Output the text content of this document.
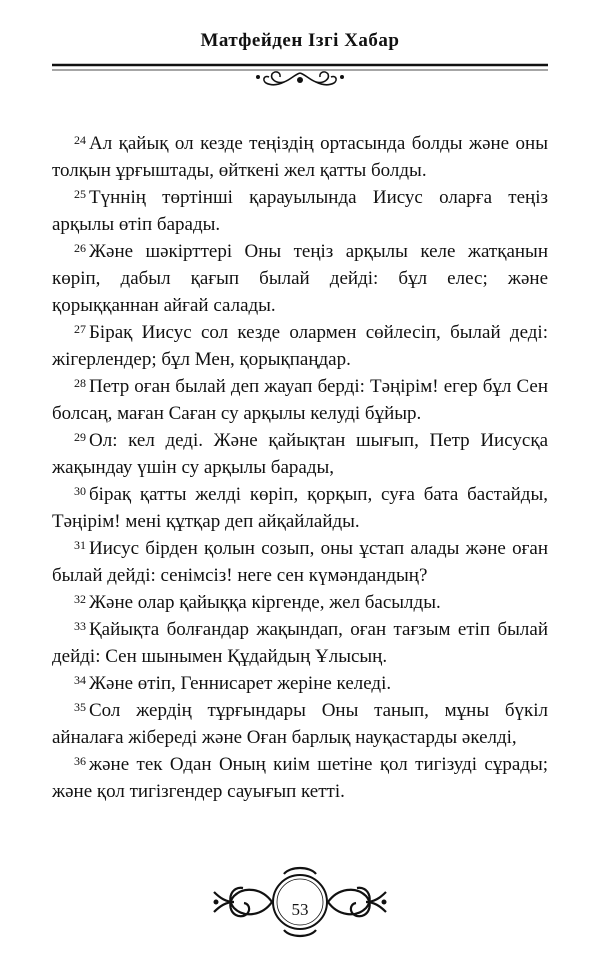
Матфейден Ізгі Хабар

$^{24}$ Ал қайық ол кезде теңіздің ортасында болды және оны толқын ұрғыштады, өйткені жел қатты болды.

$^{25}$ Түннің төртінші қарауылында Иисус оларға теңіз арқылы өтіп барады.

$^{26}$ Және шәкірттері Оны теңіз арқылы келе жатқанын көріп, дабыл қағып былай дейді: бұл елес; және қорыққаннан айғай салады.

$^{27}$ Бірақ Иисус сол кезде олармен сөйлесіп, былай деді: жігерлендер; бұл Мен, қорықпаңдар.

$^{28}$ Петр оған былай деп жауап берді: Тәңірім! егер бұл Сен болсаң, маған Саған су арқылы келуді бұйыр.

$^{29}$ Ол: кел деді. Және қайықтан шығып, Петр Иисусқа жақындау үшін су арқылы барады,

$^{30}$ бірақ қатты желді көріп, қорқып, суға бата бастайды, Тәңірім! мені құтқар деп айқайлайды.

$^{31}$ Иисус бірден қолын созып, оны ұстап алады және оған былай дейді: сенімсіз! неге сен күмәндандың?

$^{32}$ Және олар қайыққа кіргенде, жел басылды.

$^{33}$ Қайықта болғандар жақындап, оған тағзым етіп былай дейді: Сен шынымен Құдайдың Ұлысың.

$^{34}$ Және өтіп, Геннисарет жеріне келеді.

$^{35}$ Сол жердің тұрғындары Оны танып, мұны бүкіл айналаға жібереді және Оған барлық науқастарды әкелді,

$^{36}$ және тек Одан Оның киім шетіне қол тигізуді сұрады; және қол тигізгендер сауығып кетті.

53
